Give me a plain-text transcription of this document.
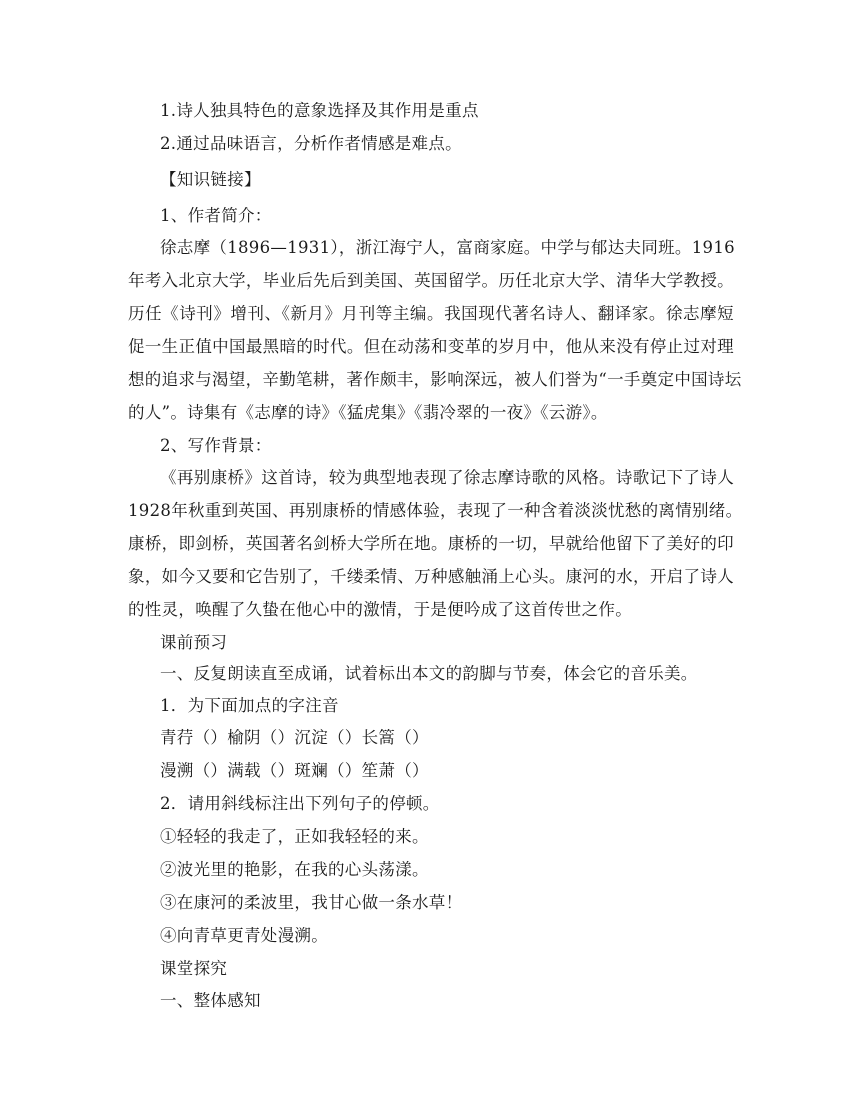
1.诗人独具特色的意象选择及其作用是重点
2.通过品味语言，分析作者情感是难点。
【知识链接】
1、作者简介：
徐志摩（1896—1931），浙江海宁人，富商家庭。中学与郁达夫同班。1916
年考入北京大学，毕业后先后到美国、英国留学。历任北京大学、清华大学教授。
历任《诗刊》增刊、《新月》月刊等主编。我国现代著名诗人、翻译家。徐志摩短
促一生正值中国最黑暗的时代。但在动荡和变革的岁月中，他从来没有停止过对理
想的追求与渴望，辛勤笔耕，著作颇丰，影响深远，被人们誉为“一手奠定中国诗坛
的人”。诗集有《志摩的诗》《猛虎集》《翡冷翠的一夜》《云游》。
2、写作背景：
《再别康桥》这首诗，较为典型地表现了徐志摩诗歌的风格。诗歌记下了诗人
1928年秋重到英国、再别康桥的情感体验，表现了一种含着淡淡忧愁的离情别绪。
康桥，即剑桥，英国著名剑桥大学所在地。康桥的一切，早就给他留下了美好的印
象，如今又要和它告别了，千缕柔情、万种感触涌上心头。康河的水，开启了诗人
的性灵，唤醒了久蛰在他心中的激情，于是便吟成了这首传世之作。
课前预习
一、反复朗读直至成诵，试着标出本文的韵脚与节奏，体会它的音乐美。
1．为下面加点的字注音
青荇（）榆阴（）沉淀（）长篙（）
漫溯（）满载（）斑斓（）笙萧（）
2．请用斜线标注出下列句子的停顿。
①轻轻的我走了，正如我轻轻的来。
②波光里的艳影，在我的心头荡漾。
③在康河的柔波里，我甘心做一条水草！
④向青草更青处漫溯。
课堂探究
一、整体感知
